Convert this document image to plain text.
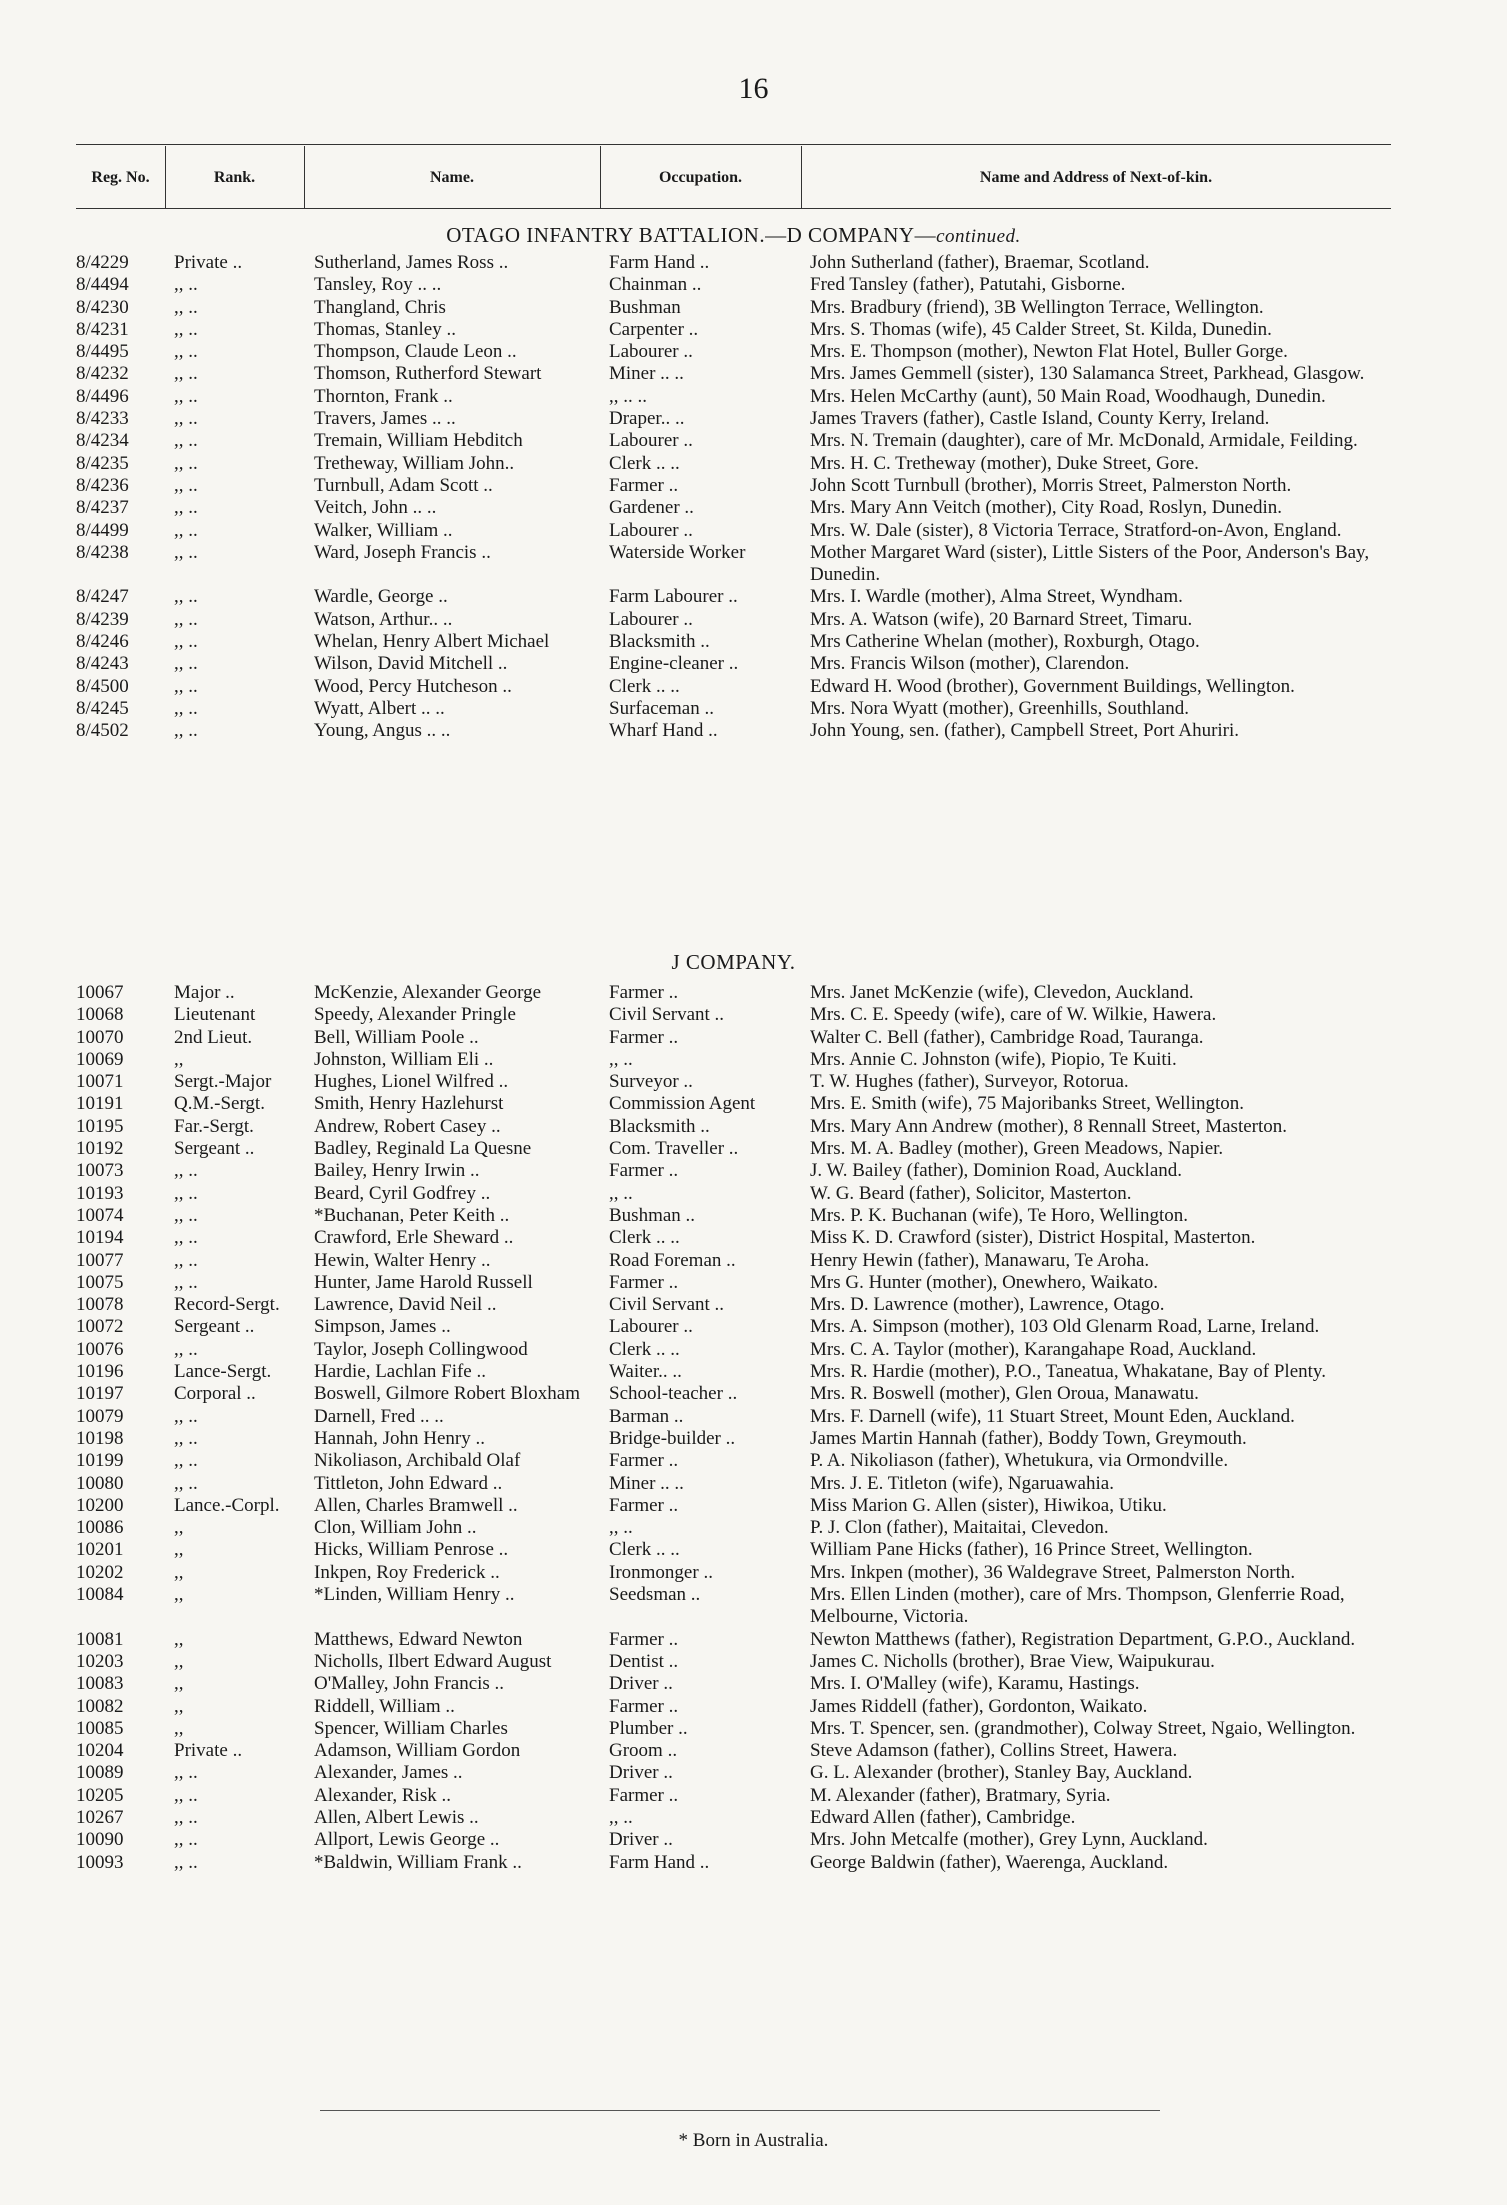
16
Reg. No.	Rank.	Name.	Occupation.	Name and Address of Next-of-kin.
OTAGO INFANTRY BATTALION.—D COMPANY—continued.
8/4229	Private ..	Sutherland, James Ross ..	Farm Hand ..	John Sutherland (father), Braemar, Scotland.
8/4494	,, ..	Tansley, Roy .. ..	Chainman ..	Fred Tansley (father), Patutahi, Gisborne.
8/4230	,, ..	Thangland, Chris	Bushman	Mrs. Bradbury (friend), 3B Wellington Terrace, Wellington.
8/4231	,, ..	Thomas, Stanley ..	Carpenter ..	Mrs. S. Thomas (wife), 45 Calder Street, St. Kilda, Dunedin.
8/4495	,, ..	Thompson, Claude Leon ..	Labourer ..	Mrs. E. Thompson (mother), Newton Flat Hotel, Buller Gorge.
8/4232	,, ..	Thomson, Rutherford Stewart	Miner .. ..	Mrs. James Gemmell (sister), 130 Salamanca Street, Parkhead, Glasgow.
8/4496	,, ..	Thornton, Frank ..	,, .. ..	Mrs. Helen McCarthy (aunt), 50 Main Road, Woodhaugh, Dunedin.
8/4233	,, ..	Travers, James .. ..	Draper.. ..	James Travers (father), Castle Island, County Kerry, Ireland.
8/4234	,, ..	Tremain, William Hebditch	Labourer ..	Mrs. N. Tremain (daughter), care of Mr. McDonald, Armidale, Feilding.
8/4235	,, ..	Tretheway, William John..	Clerk .. ..	Mrs. H. C. Tretheway (mother), Duke Street, Gore.
8/4236	,, ..	Turnbull, Adam Scott ..	Farmer ..	John Scott Turnbull (brother), Morris Street, Palmerston North.
8/4237	,, ..	Veitch, John .. ..	Gardener ..	Mrs. Mary Ann Veitch (mother), City Road, Roslyn, Dunedin.
8/4499	,, ..	Walker, William ..	Labourer ..	Mrs. W. Dale (sister), 8 Victoria Terrace, Stratford-on-Avon, England.
8/4238	,, ..	Ward, Joseph Francis ..	Waterside Worker	Mother Margaret Ward (sister), Little Sisters of the Poor, Anderson's Bay, Dunedin.
8/4247	,, ..	Wardle, George ..	Farm Labourer ..	Mrs. I. Wardle (mother), Alma Street, Wyndham.
8/4239	,, ..	Watson, Arthur.. ..	Labourer ..	Mrs. A. Watson (wife), 20 Barnard Street, Timaru.
8/4246	,, ..	Whelan, Henry Albert Michael	Blacksmith ..	Mrs Catherine Whelan (mother), Roxburgh, Otago.
8/4243	,, ..	Wilson, David Mitchell ..	Engine-cleaner ..	Mrs. Francis Wilson (mother), Clarendon.
8/4500	,, ..	Wood, Percy Hutcheson ..	Clerk .. ..	Edward H. Wood (brother), Government Buildings, Wellington.
8/4245	,, ..	Wyatt, Albert .. ..	Surfaceman ..	Mrs. Nora Wyatt (mother), Greenhills, Southland.
8/4502	,, ..	Young, Angus .. ..	Wharf Hand ..	John Young, sen. (father), Campbell Street, Port Ahuriri.
J COMPANY.
10067	Major ..	McKenzie, Alexander George	Farmer ..	Mrs. Janet McKenzie (wife), Clevedon, Auckland.
10068	Lieutenant	Speedy, Alexander Pringle	Civil Servant ..	Mrs. C. E. Speedy (wife), care of W. Wilkie, Hawera.
10070	2nd Lieut.	Bell, William Poole ..	Farmer ..	Walter C. Bell (father), Cambridge Road, Tauranga.
10069	,,	Johnston, William Eli ..	,, ..	Mrs. Annie C. Johnston (wife), Piopio, Te Kuiti.
10071	Sergt.-Major	Hughes, Lionel Wilfred ..	Surveyor ..	T. W. Hughes (father), Surveyor, Rotorua.
10191	Q.M.-Sergt.	Smith, Henry Hazlehurst	Commission Agent	Mrs. E. Smith (wife), 75 Majoribanks Street, Wellington.
10195	Far.-Sergt.	Andrew, Robert Casey ..	Blacksmith ..	Mrs. Mary Ann Andrew (mother), 8 Rennall Street, Masterton.
10192	Sergeant ..	Badley, Reginald La Quesne	Com. Traveller ..	Mrs. M. A. Badley (mother), Green Meadows, Napier.
10073	,, ..	Bailey, Henry Irwin ..	Farmer ..	J. W. Bailey (father), Dominion Road, Auckland.
10193	,, ..	Beard, Cyril Godfrey ..	,, ..	W. G. Beard (father), Solicitor, Masterton.
10074	,, ..	*Buchanan, Peter Keith ..	Bushman ..	Mrs. P. K. Buchanan (wife), Te Horo, Wellington.
10194	,, ..	Crawford, Erle Sheward ..	Clerk .. ..	Miss K. D. Crawford (sister), District Hospital, Masterton.
10077	,, ..	Hewin, Walter Henry ..	Road Foreman ..	Henry Hewin (father), Manawaru, Te Aroha.
10075	,, ..	Hunter, Jame Harold Russell	Farmer ..	Mrs G. Hunter (mother), Onewhero, Waikato.
10078	Record-Sergt.	Lawrence, David Neil ..	Civil Servant ..	Mrs. D. Lawrence (mother), Lawrence, Otago.
10072	Sergeant ..	Simpson, James ..	Labourer ..	Mrs. A. Simpson (mother), 103 Old Glenarm Road, Larne, Ireland.
10076	,, ..	Taylor, Joseph Collingwood	Clerk .. ..	Mrs. C. A. Taylor (mother), Karangahape Road, Auckland.
10196	Lance-Sergt.	Hardie, Lachlan Fife ..	Waiter.. ..	Mrs. R. Hardie (mother), P.O., Taneatua, Whakatane, Bay of Plenty.
10197	Corporal ..	Boswell, Gilmore Robert Bloxham	School-teacher ..	Mrs. R. Boswell (mother), Glen Oroua, Manawatu.
10079	,, ..	Darnell, Fred .. ..	Barman ..	Mrs. F. Darnell (wife), 11 Stuart Street, Mount Eden, Auckland.
10198	,, ..	Hannah, John Henry ..	Bridge-builder ..	James Martin Hannah (father), Boddy Town, Greymouth.
10199	,, ..	Nikoliason, Archibald Olaf	Farmer ..	P. A. Nikoliason (father), Whetukura, via Ormondville.
10080	,, ..	Tittleton, John Edward ..	Miner .. ..	Mrs. J. E. Titleton (wife), Ngaruawahia.
10200	Lance.-Corpl.	Allen, Charles Bramwell ..	Farmer ..	Miss Marion G. Allen (sister), Hiwikoa, Utiku.
10086	,,	Clon, William John ..	,, ..	P. J. Clon (father), Maitaitai, Clevedon.
10201	,,	Hicks, William Penrose ..	Clerk .. ..	William Pane Hicks (father), 16 Prince Street, Wellington.
10202	,,	Inkpen, Roy Frederick ..	Ironmonger ..	Mrs. Inkpen (mother), 36 Waldegrave Street, Palmerston North.
10084	,,	*Linden, William Henry ..	Seedsman ..	Mrs. Ellen Linden (mother), care of Mrs. Thompson, Glenferrie Road, Melbourne, Victoria.
10081	,,	Matthews, Edward Newton	Farmer ..	Newton Matthews (father), Registration Department, G.P.O., Auckland.
10203	,,	Nicholls, Ilbert Edward August	Dentist ..	James C. Nicholls (brother), Brae View, Waipukurau.
10083	,,	O'Malley, John Francis ..	Driver ..	Mrs. I. O'Malley (wife), Karamu, Hastings.
10082	,,	Riddell, William ..	Farmer ..	James Riddell (father), Gordonton, Waikato.
10085	,,	Spencer, William Charles	Plumber ..	Mrs. T. Spencer, sen. (grandmother), Colway Street, Ngaio, Wellington.
10204	Private ..	Adamson, William Gordon	Groom ..	Steve Adamson (father), Collins Street, Hawera.
10089	,, ..	Alexander, James ..	Driver ..	G. L. Alexander (brother), Stanley Bay, Auckland.
10205	,, ..	Alexander, Risk ..	Farmer ..	M. Alexander (father), Bratmary, Syria.
10267	,, ..	Allen, Albert Lewis ..	,, ..	Edward Allen (father), Cambridge.
10090	,, ..	Allport, Lewis George ..	Driver ..	Mrs. John Metcalfe (mother), Grey Lynn, Auckland.
10093	,, ..	*Baldwin, William Frank ..	Farm Hand ..	George Baldwin (father), Waerenga, Auckland.
* Born in Australia.
